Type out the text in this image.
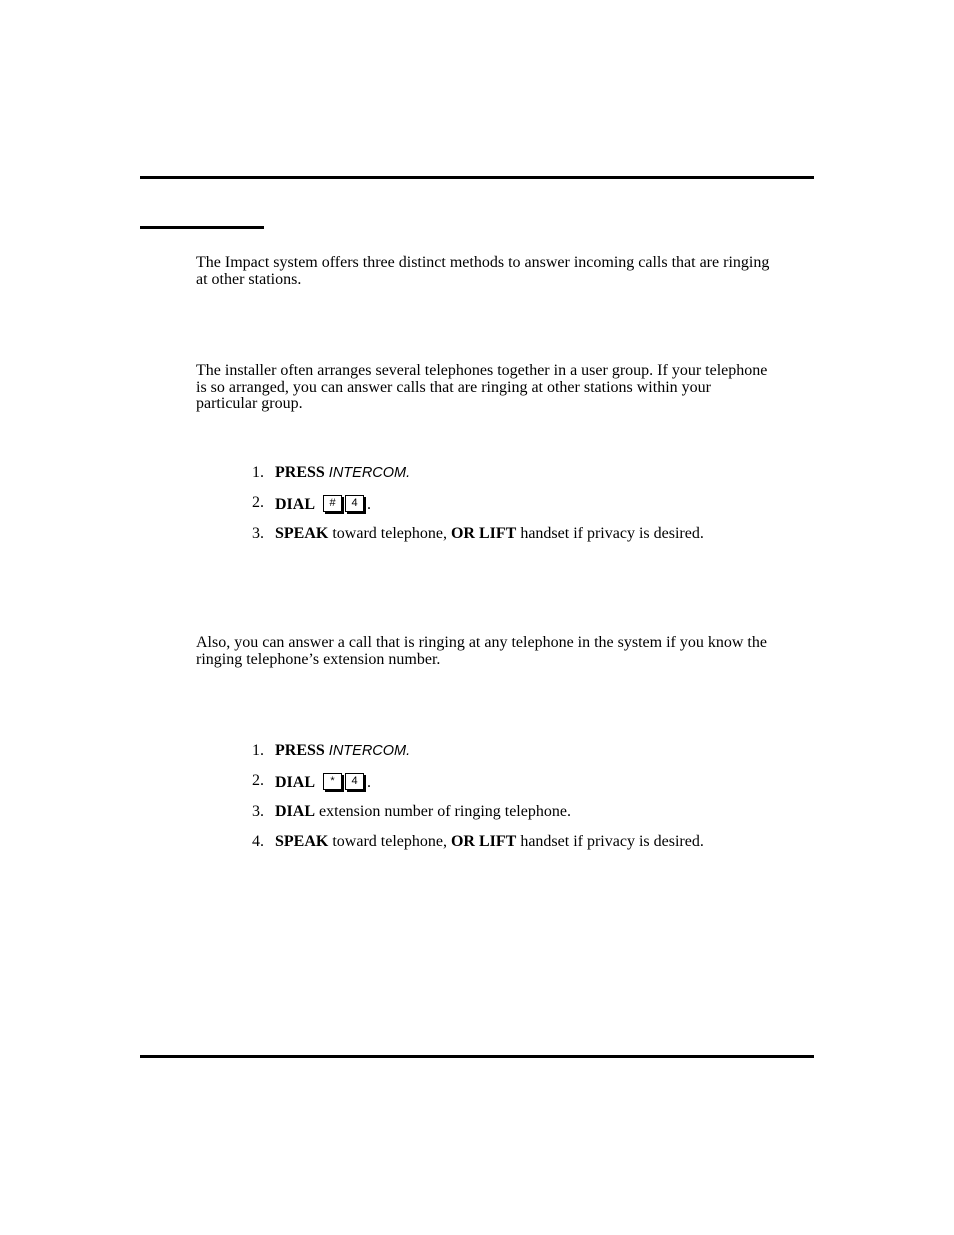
The Impact system offers three distinct methods to answer incoming calls that are ringing at other stations.

The installer often arranges several telephones together in a user group. If your telephone is so arranged, you can answer calls that are ringing at other stations within your particular group.

1. PRESS INTERCOM.
2. DIAL # 4 .
3. SPEAK toward telephone, OR LIFT handset if privacy is desired.

Also, you can answer a call that is ringing at any telephone in the system if you know the ringing telephone’s extension number.

1. PRESS INTERCOM.
2. DIAL * 4 .
3. DIAL extension number of ringing telephone.
4. SPEAK toward telephone, OR LIFT handset if privacy is desired.
